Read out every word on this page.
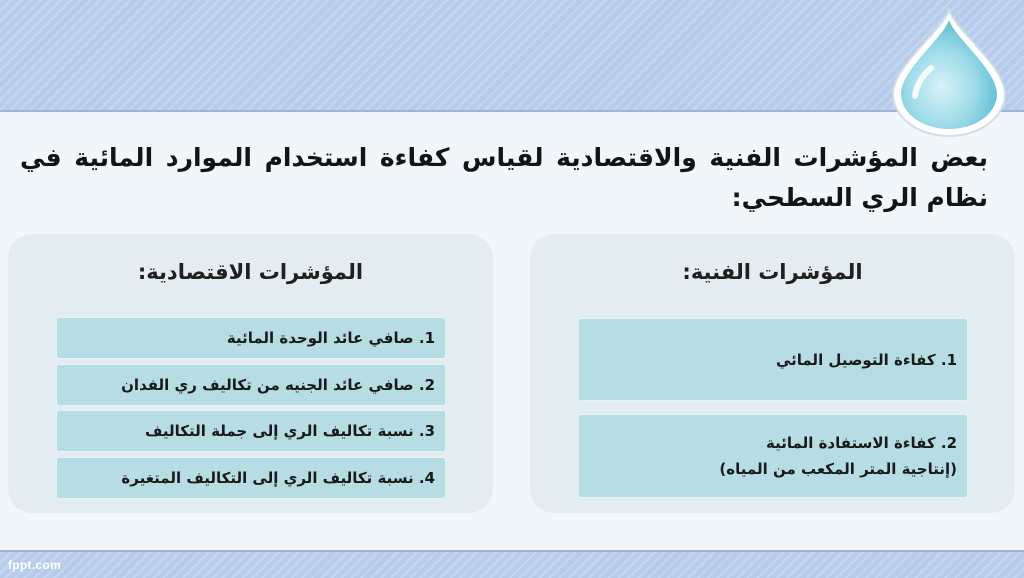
بعض المؤشرات الفنية والاقتصادية لقياس كفاءة استخدام الموارد المائية في نظام الري السطحي:
المؤشرات الفنية:
1. كفاءة التوصيل المائي
2. كفاءة الاستفادة المائية
(إنتاجية المتر المكعب من المياه)
المؤشرات الاقتصادية:
1. صافي عائد الوحدة المائية
2. صافي عائد الجنيه من تكاليف ري الفدان
3. نسبة تكاليف الري إلى جملة التكاليف
4. نسبة تكاليف الري إلى التكاليف المتغيرة
fppt.com
